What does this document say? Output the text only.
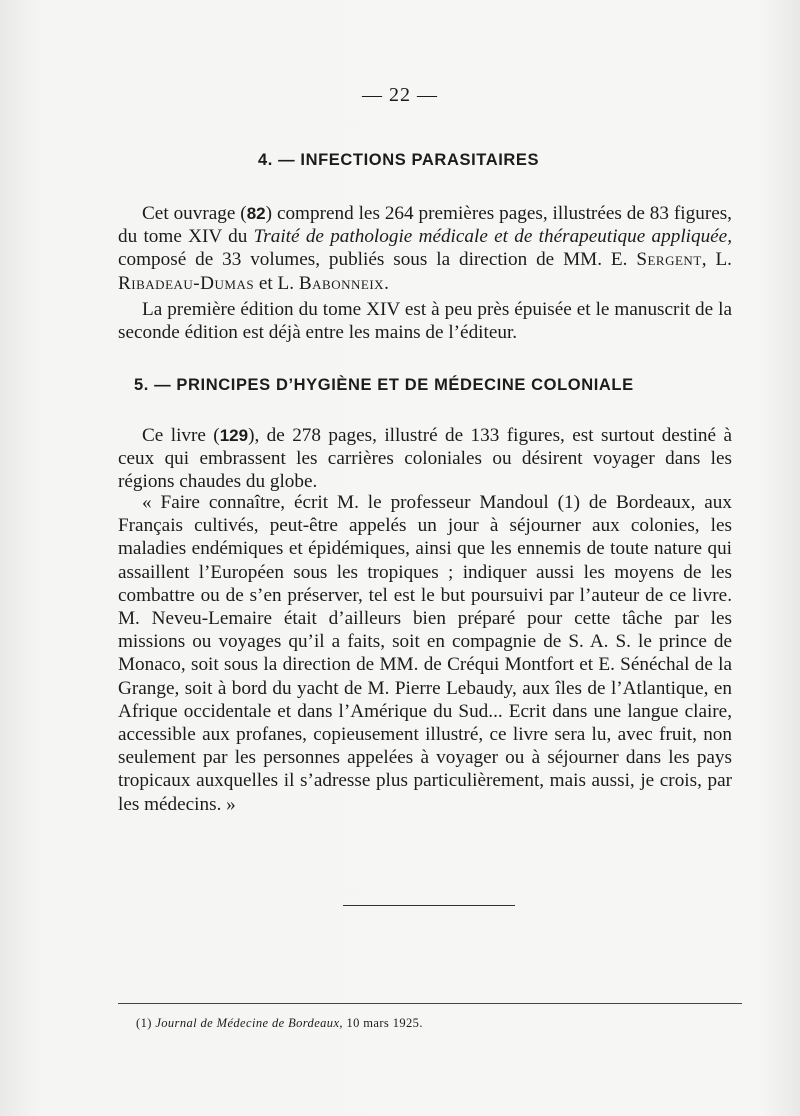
— 22 —
4. — INFECTIONS PARASITAIRES
Cet ouvrage (82) comprend les 264 premières pages, illustrées de 83 figures, du tome XIV du Traité de pathologie médicale et de thérapeutique appliquée, composé de 33 volumes, publiés sous la direction de MM. E. Sergent, L. Ribadeau-Dumas et L. Babonneix.
La première édition du tome XIV est à peu près épuisée et le manuscrit de la seconde édition est déjà entre les mains de l’éditeur.
5. — PRINCIPES D’HYGIÈNE ET DE MÉDECINE COLONIALE
Ce livre (129), de 278 pages, illustré de 133 figures, est surtout destiné à ceux qui embrassent les carrières coloniales ou désirent voyager dans les régions chaudes du globe.
« Faire connaître, écrit M. le professeur Mandoul (1) de Bordeaux, aux Français cultivés, peut-être appelés un jour à séjourner aux colonies, les maladies endémiques et épidémiques, ainsi que les ennemis de toute nature qui assaillent l’Européen sous les tropiques ; indiquer aussi les moyens de les combattre ou de s’en préserver, tel est le but poursuivi par l’auteur de ce livre. M. Neveu-Lemaire était d’ailleurs bien préparé pour cette tâche par les missions ou voyages qu’il a faits, soit en compagnie de S. A. S. le prince de Monaco, soit sous la direction de MM. de Créqui Montfort et E. Sénéchal de la Grange, soit à bord du yacht de M. Pierre Lebaudy, aux îles de l’Atlantique, en Afrique occidentale et dans l’Amérique du Sud... Ecrit dans une langue claire, accessible aux profanes, copieusement illustré, ce livre sera lu, avec fruit, non seulement par les personnes appelées à voyager ou à séjourner dans les pays tropicaux auxquelles il s’adresse plus particulièrement, mais aussi, je crois, par les médecins. »
(1) Journal de Médecine de Bordeaux, 10 mars 1925.
